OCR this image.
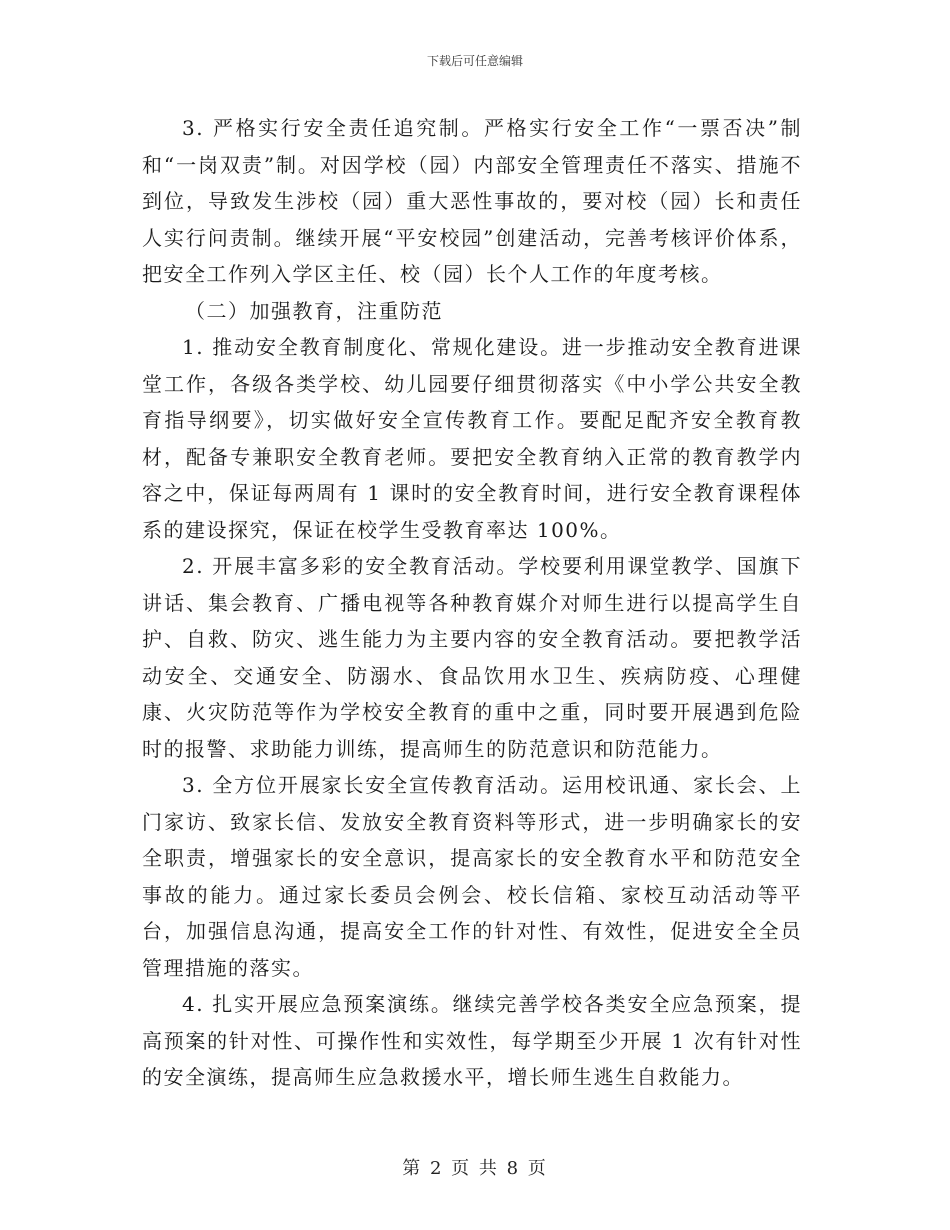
下载后可任意编辑

3. 严格实行安全责任追究制。严格实行安全工作“一票否决”制和“一岗双责”制。对因学校（园）内部安全管理责任不落实、措施不到位，导致发生涉校（园）重大恶性事故的，要对校（园）长和责任人实行问责制。继续开展“平安校园”创建活动，完善考核评价体系，把安全工作列入学区主任、校（园）长个人工作的年度考核。

（二）加强教育，注重防范

1. 推动安全教育制度化、常规化建设。进一步推动安全教育进课堂工作，各级各类学校、幼儿园要仔细贯彻落实《中小学公共安全教育指导纲要》，切实做好安全宣传教育工作。要配足配齐安全教育教材，配备专兼职安全教育老师。要把安全教育纳入正常的教育教学内容之中，保证每两周有 1 课时的安全教育时间，进行安全教育课程体系的建设探究，保证在校学生受教育率达 100%。

2. 开展丰富多彩的安全教育活动。学校要利用课堂教学、国旗下讲话、集会教育、广播电视等各种教育媒介对师生进行以提高学生自护、自救、防灾、逃生能力为主要内容的安全教育活动。要把教学活动安全、交通安全、防溺水、食品饮用水卫生、疾病防疫、心理健康、火灾防范等作为学校安全教育的重中之重，同时要开展遇到危险时的报警、求助能力训练，提高师生的防范意识和防范能力。

3. 全方位开展家长安全宣传教育活动。运用校讯通、家长会、上门家访、致家长信、发放安全教育资料等形式，进一步明确家长的安全职责，增强家长的安全意识，提高家长的安全教育水平和防范安全事故的能力。通过家长委员会例会、校长信箱、家校互动活动等平台，加强信息沟通，提高安全工作的针对性、有效性，促进安全全员管理措施的落实。

4. 扎实开展应急预案演练。继续完善学校各类安全应急预案，提高预案的针对性、可操作性和实效性，每学期至少开展 1 次有针对性的安全演练，提高师生应急救援水平，增长师生逃生自救能力。

第 2 页 共 8 页
